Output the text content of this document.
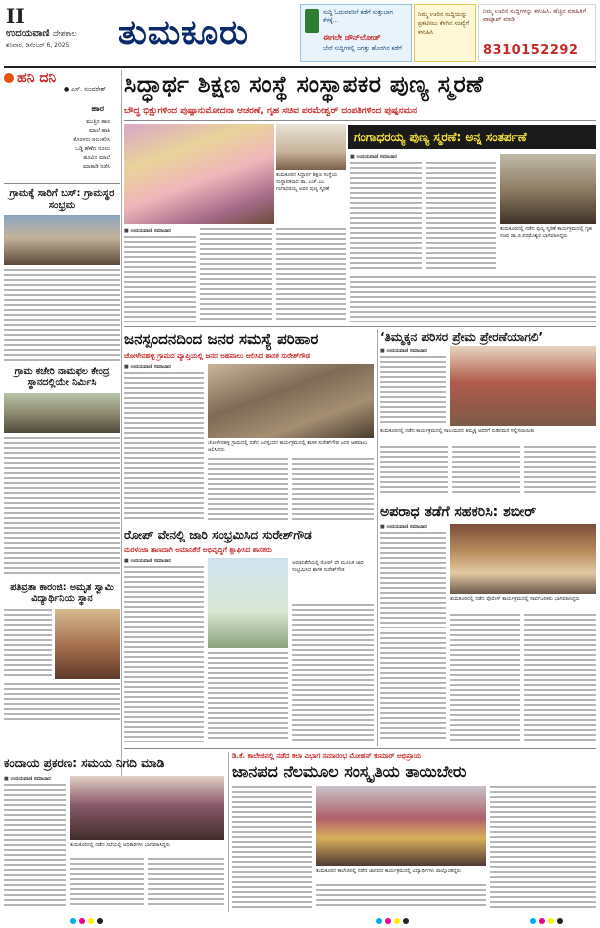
II
ಉದಯವಾಣಿ ದೇಶಕಾಲ
ಶನಿವಾರ, ಡಿಸೆಂಬರ್ 6, 2025	ತುಮಕೂರು
ಸುದ್ದಿ ಓದುವವರಿಗೆ ಕಡೆಗೆ ಸುತ್ತುಬಾಗ ಕೆಳಕ್ಕೆ...
ಈಗಲೇ ಡೌನ್‌ಲೋಡ್
ಬೇರೆ ಸುದ್ದಿಗಳಲ್ಲಿ ಜಗತ್ತು ಹೊರಗಿನ ಕಡೆಗೆ
ನಿಮ್ಮ ಊರಿನ ಸುದ್ದಿಯನ್ನು ಪ್ರಕಟಿಸಲು ಕೆಳಗಿನ ಸಂಖ್ಯೆಗೆ ಕಳುಹಿಸಿ
ನಿಮ್ಮ ಊರಿನ ಸುದ್ದಿಗಳನ್ನು ಕಳುಹಿಸಿ. ಹೆಚ್ಚಿನ ಮಾಹಿತಿಗೆ ವಾಟ್ಸಾಪ್ ಮಾಡಿ
8310152292
ಹನಿ ದನಿ
● ಎಸ್. ಸುಂದರೇಶ್
ಹಾರ
ಮುತ್ತಿನ ಹಾರ
ಮಾಲೆ ಹಾಕಿ
ಕೊರಳನು ಅಲಂಕರಿಸಿ
ಒಡ್ಡಿ ಹೆಣೆದ ನೂಲು
ಹೂವಿನ ಮಾಲೆ
ಮಾತಾಡಿ ನಡೆಸಿ
ಗ್ರಾಮಕ್ಕೆ ಸಾರಿಗೆ ಬಸ್: ಗ್ರಾಮಸ್ಥರ ಸಂಭ್ರಮ
ಗ್ರಾಮ ಕಚೇರಿ ನಾಮಫಲ ಕೇಂದ್ರ ಸ್ಥಾನದಲ್ಲಿಯೇ ನಿರ್ಮಿಸಿ
ಪತಿವ್ರತಾ ಕಾರಂಜಿ: ಅಮೃತ ಸ್ವಾಮಿ ವಿದ್ಯಾರ್ಥಿನಿಯ ಸ್ಥಾನ
ಸಿದ್ಧಾರ್ಥ ಶಿಕ್ಷಣ ಸಂಸ್ಥೆ ಸಂಸ್ಥಾಪಕರ ಪುಣ್ಯ ಸ್ಮರಣೆ
ಬೌದ್ಧ ಭಿಕ್ಷುಗಳಿಂದ ಪುಷ್ಪಾನುಮೋದನಾ ಆಚರಣೆ, ಗೃಹ ಸಚಿವ ಪರಮೇಶ್ವರ್ ದಂಪತಿಗಳಿಂದ ಪುಷ್ಪನಮನ
ತುಮಕೂರಿನ ಸಿದ್ಧಾರ್ಥ ಶಿಕ್ಷಣ ಸಂಸ್ಥೆಯ ಸಂಸ್ಥಾಪಕರಾದ ಡಾ. ಎಚ್.ಎಂ. ಗಂಗಾಧರಯ್ಯ ಅವರ ಪುಣ್ಯ ಸ್ಮರಣೆ
■ ಉದಯವಾಣಿ ಸಮಾಚಾರ
ಗಂಗಾಧರಯ್ಯ ಪುಣ್ಯ ಸ್ಮರಣೆ: ಅನ್ನ ಸಂತರ್ಪಣೆ
■ ಉದಯವಾಣಿ ಸಮಾಚಾರ
ತುಮಕೂರಿನಲ್ಲಿ ನಡೆದ ಪುಣ್ಯ ಸ್ಮರಣೆ ಕಾರ್ಯಕ್ರಮದಲ್ಲಿ ಗೃಹ ಸಚಿವ ಡಾ.ಜಿ.ಪರಮೇಶ್ವರ ಭಾಗವಹಿಸಿದ್ದರು
ಜನಸ್ಪಂದನದಿಂದ ಜನರ ಸಮಸ್ಯೆ ಪರಿಹಾರ
ಚೋಳೇನಹಳ್ಳಿ ಗ್ರಾಮದ ವ್ಯಾಪ್ತಿಯಲ್ಲಿ ಜನರ ಅಹವಾಲು ಆಲಿಸಿದ ಶಾಸಕ ಸುರೇಶ್‌ಗೌಡ
■ ಉದಯವಾಣಿ ಸಮಾಚಾರ
ಚೋಳೇನಹಳ್ಳಿ ಗ್ರಾಮದಲ್ಲಿ ನಡೆದ ಜನಸ್ಪಂದನ ಕಾರ್ಯಕ್ರಮದಲ್ಲಿ ಶಾಸಕ ಸುರೇಶ್‌ಗೌಡ ಜನರ ಅಹವಾಲು ಆಲಿಸಿದರು
ರೋಪ್ ವೇನಲ್ಲಿ ಜಾರಿ ಸಂಭ್ರಮಿಸಿದ ಸುರೇಶ್‌ಗೌಡ
ಮರಳಂಜಾ ತಾಣದಾಗಿ ಅಮಾನಿಕೆರೆ ಅಭಿವೃದ್ಧಿಗೆ ಶ್ಲಾಘಿಸಿದ ಶಾಸಕರು
■ ಉದಯವಾಣಿ ಸಮಾಚಾರ	ಅಮಾನಿಕೆರೆಯಲ್ಲಿ ರೋಪ್ ವೇ ಮೂಲಕ ಜಾರಿ ಸಂಭ್ರಮಿಸಿದ ಶಾಸಕ ಸುರೇಶ್‌ಗೌಡ
‘ತಿಮ್ಮಕ್ಕನ ಪರಿಸರ ಪ್ರೇಮ ಪ್ರೇರಣೆಯಾಗಲಿ’
■ ಉದಯವಾಣಿ ಸಮಾಚಾರ
ತುಮಕೂರಿನಲ್ಲಿ ನಡೆದ ಕಾರ್ಯಕ್ರಮದಲ್ಲಿ ಸಾಲುಮರದ ತಿಮ್ಮಕ್ಕ ಅವರಿಗೆ ನುಡಿನಮನ ಸಲ್ಲಿಸಲಾಯಿತು
ಅಪರಾಧ ತಡೆಗೆ ಸಹಕರಿಸಿ: ಶಬೀರ್
■ ಉದಯವಾಣಿ ಸಮಾಚಾರ
ತುಮಕೂರಿನಲ್ಲಿ ನಡೆದ ಪೊಲೀಸ್ ಕಾರ್ಯಕ್ರಮದಲ್ಲಿ ಸಾರ್ವಜನಿಕರು ಭಾಗವಹಿಸಿದ್ದರು
ಕಂದಾಯ ಪ್ರಕರಣ: ಸಮಯ ನಿಗದಿ ಮಾಡಿ
■ ಉದಯವಾಣಿ ಸಮಾಚಾರ
ತುಮಕೂರಿನಲ್ಲಿ ನಡೆದ ಸಭೆಯಲ್ಲಿ ಅಧಿಕಾರಿಗಳು ಭಾಗವಹಿಸಿದ್ದರು
ಡಿ.ಕೆ. ಕಾಲೇಜಿನಲ್ಲಿ ನಡೆದ ಕಲಾ ವಿಭಾಗ ಸಮಾರಂಭ ಮೋಹನ್ ಕುಮಾರ್ ಅಭಿಪ್ರಾಯ
ಜಾನಪದ ನೆಲಮೂಲ ಸಂಸ್ಕೃತಿಯ ತಾಯಿಬೇರು
ತುಮಕೂರಿನ ಕಾಲೇಜಿನಲ್ಲಿ ನಡೆದ ಜಾನಪದ ಕಾರ್ಯಕ್ರಮದಲ್ಲಿ ವಿದ್ಯಾರ್ಥಿಗಳು ಪಾಲ್ಗೊಂಡಿದ್ದರು
